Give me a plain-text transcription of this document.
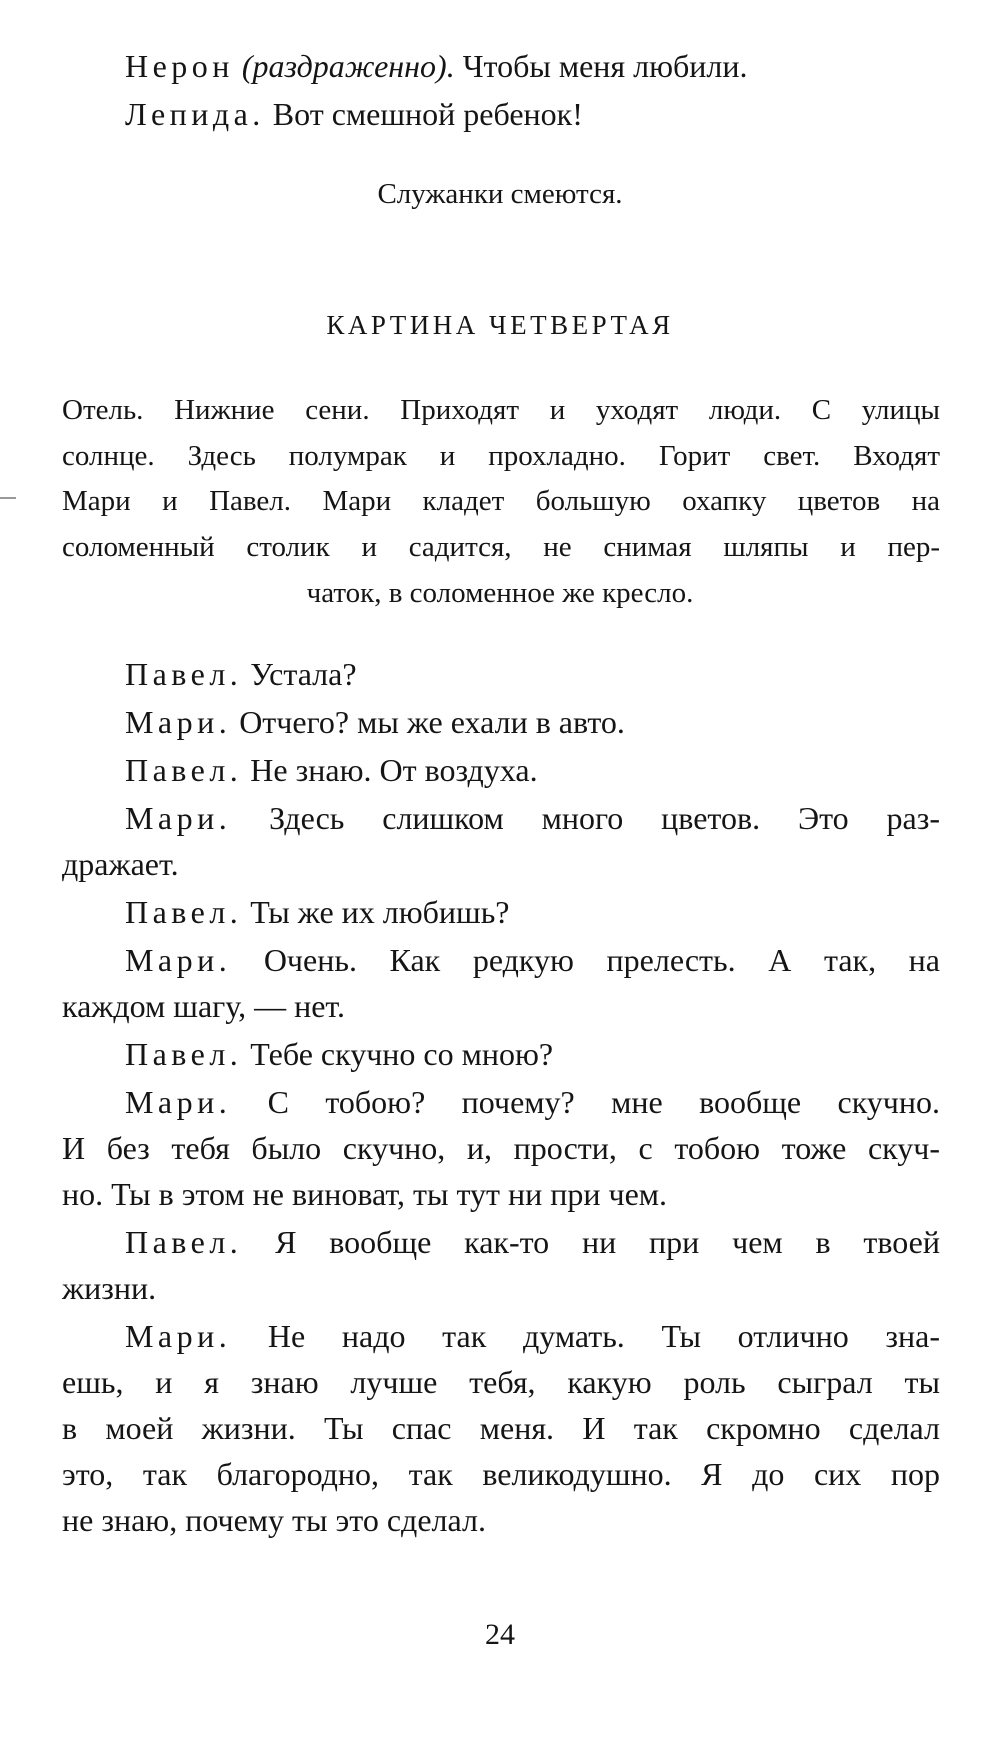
Нерон (раздраженно). Чтобы меня любили.
Лепида. Вот смешной ребенок!
Служанки смеются.
КАРТИНА ЧЕТВЕРТАЯ
Отель. Нижние сени. Приходят и уходят люди. С улицы
солнце. Здесь полумрак и прохладно. Горит свет. Входят
Мари и Павел. Мари кладет большую охапку цветов на
соломенный столик и садится, не снимая шляпы и пер-
чаток, в соломенное же кресло.
Павел. Устала?
Мари. Отчего? мы же ехали в авто.
Павел. Не знаю. От воздуха.
Мари. Здесь слишком много цветов. Это раз-
дражает.
Павел. Ты же их любишь?
Мари. Очень. Как редкую прелесть. А так, на
каждом шагу, — нет.
Павел. Тебе скучно со мною?
Мари. С тобою? почему? мне вообще скучно.
И без тебя было скучно, и, прости, с тобою тоже скуч-
но. Ты в этом не виноват, ты тут ни при чем.
Павел. Я вообще как-то ни при чем в твоей
жизни.
Мари. Не надо так думать. Ты отлично зна-
ешь, и я знаю лучше тебя, какую роль сыграл ты
в моей жизни. Ты спас меня. И так скромно сделал
это, так благородно, так великодушно. Я до сих пор
не знаю, почему ты это сделал.
24
